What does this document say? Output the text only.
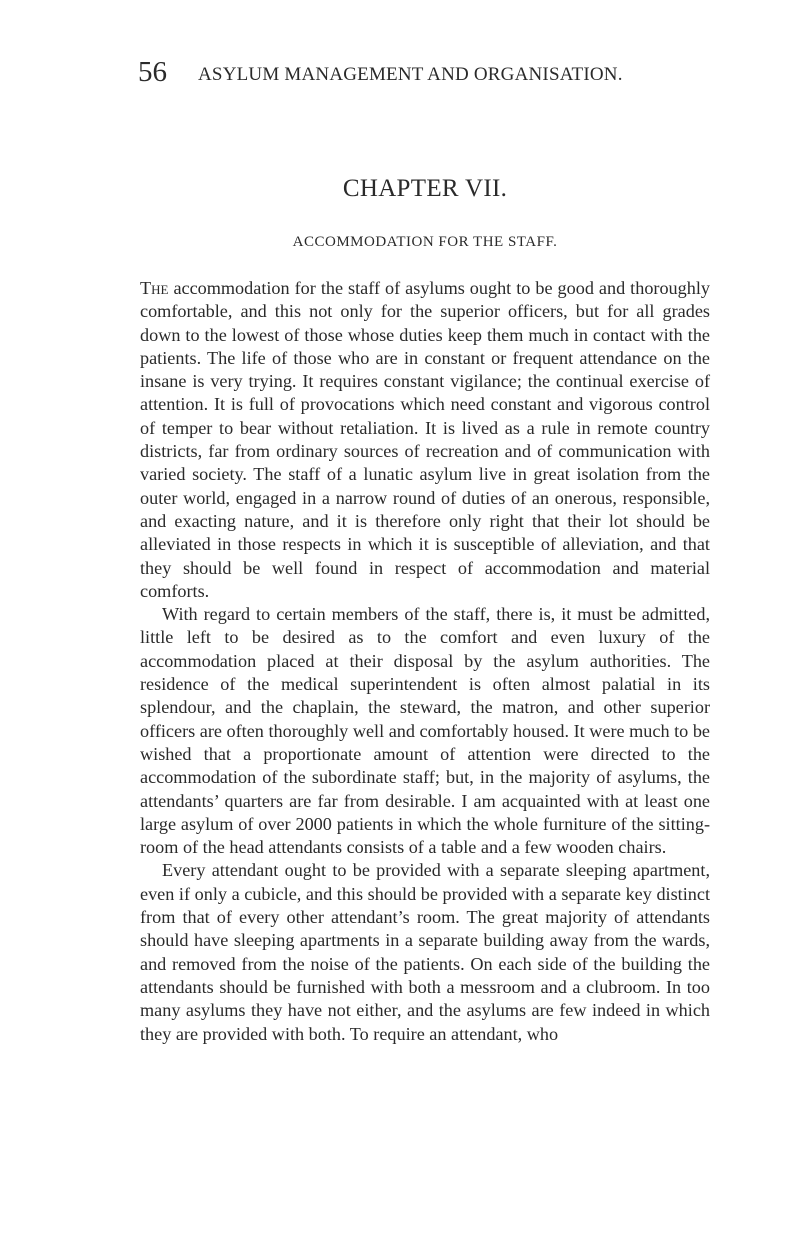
56 ASYLUM MANAGEMENT AND ORGANISATION.
CHAPTER VII.
ACCOMMODATION FOR THE STAFF.

The accommodation for the staff of asylums ought to be good and thoroughly comfortable, and this not only for the superior officers, but for all grades down to the lowest of those whose duties keep them much in contact with the patients. The life of those who are in constant or frequent attendance on the insane is very trying. It requires constant vigilance; the continual exercise of attention. It is full of provocations which need constant and vigorous control of temper to bear without retaliation. It is lived as a rule in remote country districts, far from ordinary sources of recreation and of communication with varied society. The staff of a lunatic asylum live in great isolation from the outer world, engaged in a narrow round of duties of an onerous, responsible, and exacting nature, and it is therefore only right that their lot should be alleviated in those respects in which it is susceptible of alleviation, and that they should be well found in respect of accommodation and material comforts.

With regard to certain members of the staff, there is, it must be admitted, little left to be desired as to the comfort and even luxury of the accommodation placed at their disposal by the asylum authorities. The residence of the medical superintendent is often almost palatial in its splendour, and the chaplain, the steward, the matron, and other superior officers are often thoroughly well and comfortably housed. It were much to be wished that a proportionate amount of attention were directed to the accommodation of the subordinate staff; but, in the majority of asylums, the attendants’ quarters are far from desirable. I am acquainted with at least one large asylum of over 2000 patients in which the whole furniture of the sitting-room of the head attendants consists of a table and a few wooden chairs.

Every attendant ought to be provided with a separate sleeping apartment, even if only a cubicle, and this should be provided with a separate key distinct from that of every other attendant’s room. The great majority of attendants should have sleeping apartments in a separate building away from the wards, and removed from the noise of the patients. On each side of the building the attendants should be furnished with both a messroom and a clubroom. In too many asylums they have not either, and the asylums are few indeed in which they are provided with both. To require an attendant, who
